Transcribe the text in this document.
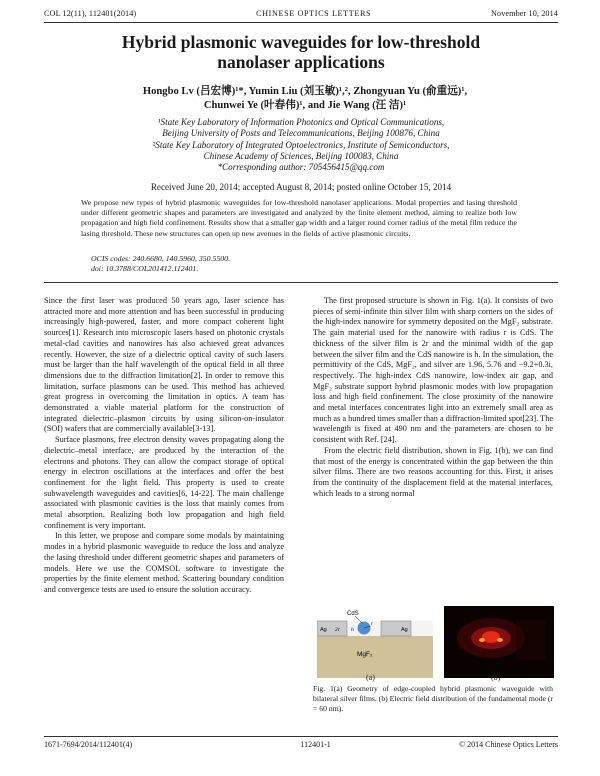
COL 12(11), 112401(2014)	CHINESE OPTICS LETTERS	November 10, 2014
Hybrid plasmonic waveguides for low-threshold
nanolaser applications
Hongbo Lv (吕宏博)¹*, Yumin Liu (刘玉敏)¹,², Zhongyuan Yu (俞重远)¹,
Chunwei Ye (叶春伟)¹, and Jie Wang (汪 洁)¹
¹State Key Laboratory of Information Photonics and Optical Communications,
Beijing University of Posts and Telecommunications, Beijing 100876, China
²State Key Laboratory of Integrated Optoelectronics, Institute of Semiconductors,
Chinese Academy of Sciences, Beijing 100083, China
*Corresponding author: 705456415@qq.com
Received June 20, 2014; accepted August 8, 2014; posted online October 15, 2014
We propose new types of hybrid plasmonic waveguides for low-threshold nanolaser applications. Modal properties and lasing threshold under different geometric shapes and parameters are investigated and analyzed by the finite element method, aiming to realize both low propagation and high field confinement. Results show that a smaller gap width and a larger round corner radius of the metal film reduce the lasing threshold. These new structures can open up new avenues in the fields of active plasmonic circuits.
OCIS codes: 240.6680, 140.5960, 350.5500.
doi: 10.3788/COL201412.112401.

Since the first laser was produced 50 years ago, laser science has attracted more and more attention and has been successful in producing increasingly high-powered, faster, and more compact coherent light sources[1]. Research into microscopic lasers based on photonic crystals metal-clad cavities and nanowires has also achieved great advances recently. However, the size of a dielectric optical cavity of such lasers must be larger than the half wavelength of the optical field in all three dimensions due to the diffraction limitation[2]. In order to remove this limitation, surface plasmons can be used. This method has achieved great progress in overcoming the limitation in optics. A team has demonstrated a viable material platform for the construction of integrated dielectric–plasmon circuits by using silicon-on-insulator (SOI) wafers that are commercially available[3-13].

Surface plasmons, free electron density waves propagating along the dielectric–metal interface, are produced by the interaction of the electrons and photons. They can allow the compact storage of optical energy in electron oscillations at the interfaces and offer the best confinement for the light field. This property is used to create subwavelength waveguides and cavities[6, 14-22]. The main challenge associated with plasmonic cavities is the loss that mainly comes from metal absorption. Realizing both low propagation and high field confinement is very important.

In this letter, we propose and compare some modals by maintaining modes in a hybrid plasmonic waveguide to reduce the loss and analyze the lasing threshold under different geometric shapes and parameters of models. Here we use the COMSOL software to investigate the properties by the finite element method. Scattering boundary condition and convergence tests are used to ensure the solution accuracy.

The first proposed structure is shown in Fig. 1(a). It consists of two pieces of semi-infinite thin silver film with sharp corners on the sides of the high-index nanowire for symmetry deposited on the MgF₂ substrate. The gain material used for the nanowire with radius r is CdS. The thickness of the silver film is 2r and the minimal width of the gap between the silver film and the CdS nanowire is h. In the simulation, the permittivity of the CdS, MgF₂, and silver are 1.96, 5.76 and −9.2+0.3i, respectively. The high-index CdS nanowire, low-index air gap, and MgF₂ substrate support hybrid plasmonic modes with low propagation loss and high field confinement. The close proximity of the nanowire and metal interfaces concentrates light into an extremely small area as much as a hundred times smaller than a diffraction-limited spot[23]. The wavelength is fixed at 490 nm and the parameters are chosen to be consistent with Ref. [24].

From the electric field distribution, shown in Fig. 1(b), we can find that most of the energy is concentrated within the gap between the thin silver films. There are two reasons accounting for this. First, it arises from the continuity of the displacement field at the material interfaces, which leads to a strong normal

CdS
Ag 2r h
r
Ag
MgF₂
(a)	(b)
Fig. 1(a) Geometry of edge-coupled hybrid plasmonic waveguide with bilateral silver films. (b) Electric field distribution of the fundamental mode (r = 60 nm).
1671-7694/2014/112401(4)	112401-1	© 2014 Chinese Optics Letters
